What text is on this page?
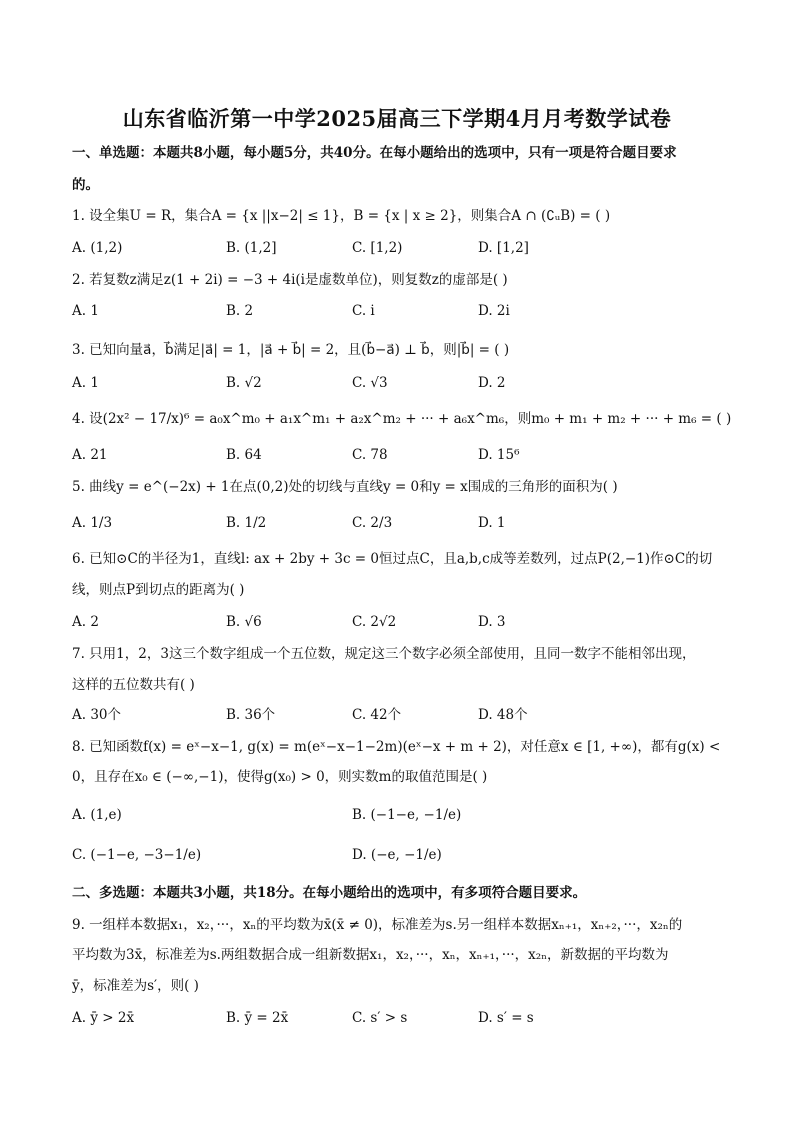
山东省临沂第一中学2025届高三下学期4月月考数学试卷
一、单选题：本题共8小题，每小题5分，共40分。在每小题给出的选项中，只有一项是符合题目要求
的。
1. 设全集U = R，集合A = {x ||x−2| ≤ 1}，B = {x | x ≥ 2}，则集合A ∩ (∁ᵤB) = ( )
A. (1,2)	B. (1,2]	C. [1,2)	D. [1,2]
2. 若复数z满足z(1 + 2i) = −3 + 4i(i是虚数单位)，则复数z的虚部是( )
A. 1	B. 2	C. i	D. 2i
3. 已知向量a⃗，b⃗满足|a⃗| = 1，|a⃗ + b⃗| = 2，且(b⃗−a⃗) ⊥ b⃗，则|b⃗| = ( )
A. 1	B. √2	C. √3	D. 2
4. 设(2x² − 17/x)⁶ = a₀x^m₀ + a₁x^m₁ + a₂x^m₂ + ··· + a₆x^m₆，则m₀ + m₁ + m₂ + ··· + m₆ = ( )
A. 21	B. 64	C. 78	D. 15⁶
5. 曲线y = e^(−2x) + 1在点(0,2)处的切线与直线y = 0和y = x围成的三角形的面积为( )
A. 1/3	B. 1/2	C. 2/3	D. 1
6. 已知⊙C的半径为1，直线l: ax + 2by + 3c = 0恒过点C，且a,b,c成等差数列，过点P(2,−1)作⊙C的切
线，则点P到切点的距离为( )
A. 2	B. √6	C. 2√2	D. 3
7. 只用1，2，3这三个数字组成一个五位数，规定这三个数字必须全部使用，且同一数字不能相邻出现，
这样的五位数共有( )
A. 30个	B. 36个	C. 42个	D. 48个
8. 已知函数f(x) = eˣ−x−1, g(x) = m(eˣ−x−1−2m)(eˣ−x + m + 2)，对任意x ∈ [1, +∞)，都有g(x) <
0，且存在x₀ ∈ (−∞,−1)，使得g(x₀) > 0，则实数m的取值范围是( )
A. (1,e)	B. (−1−e, −1/e)
C. (−1−e, −3−1/e)	D. (−e, −1/e)
二、多选题：本题共3小题，共18分。在每小题给出的选项中，有多项符合题目要求。
9. 一组样本数据x₁，x₂，···，xₙ的平均数为x̄(x̄ ≠ 0)，标准差为s.另一组样本数据xₙ₊₁，xₙ₊₂，···，x₂ₙ的
平均数为3x̄，标准差为s.两组数据合成一组新数据x₁，x₂，···，xₙ，xₙ₊₁，···，x₂ₙ，新数据的平均数为
ȳ，标准差为s′，则( )
A. ȳ > 2x̄	B. ȳ = 2x̄	C. s′ > s	D. s′ = s
